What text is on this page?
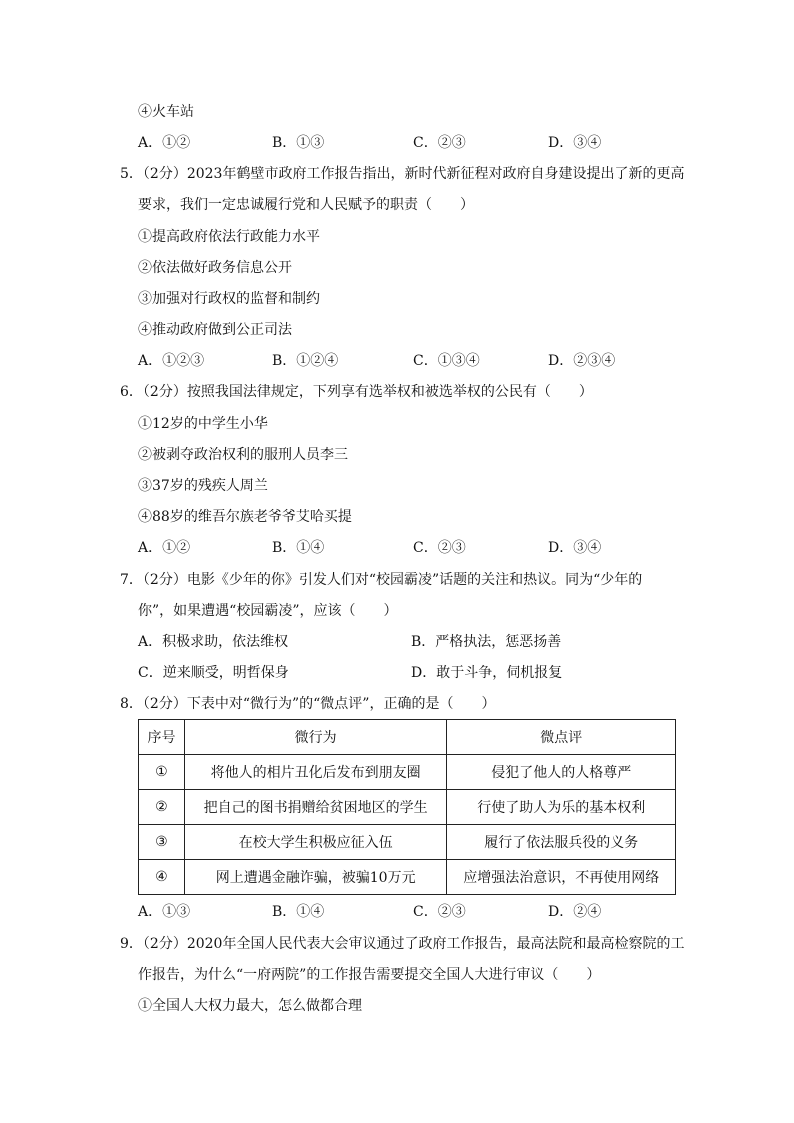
④火车站
A．①②	B．①③	C．②③	D．③④
5．（2分）2023年鹤壁市政府工作报告指出，新时代新征程对政府自身建设提出了新的更高
要求，我们一定忠诚履行党和人民赋予的职责（　　）
①提高政府依法行政能力水平
②依法做好政务信息公开
③加强对行政权的监督和制约
④推动政府做到公正司法
A．①②③	B．①②④	C．①③④	D．②③④
6．（2分）按照我国法律规定，下列享有选举权和被选举权的公民有（　　）
①12岁的中学生小华
②被剥夺政治权利的服刑人员李三
③37岁的残疾人周兰
④88岁的维吾尔族老爷爷艾哈买提
A．①②	B．①④	C．②③	D．③④
7．（2分）电影《少年的你》引发人们对“校园霸凌”话题的关注和热议。同为“少年的
你”，如果遭遇“校园霸凌”，应该（　　）
A．积极求助，依法维权	B．严格执法，惩恶扬善
C．逆来顺受，明哲保身	D．敢于斗争，伺机报复
8．（2分）下表中对“微行为”的“微点评”，正确的是（　　）
序号	微行为	微点评
①	将他人的相片丑化后发布到朋友圈	侵犯了他人的人格尊严
②	把自己的图书捐赠给贫困地区的学生	行使了助人为乐的基本权利
③	在校大学生积极应征入伍	履行了依法服兵役的义务
④	网上遭遇金融诈骗，被骗10万元	应增强法治意识，不再使用网络
A．①③	B．①④	C．②③	D．②④
9．（2分）2020年全国人民代表大会审议通过了政府工作报告，最高法院和最高检察院的工
作报告，为什么“一府两院”的工作报告需要提交全国人大进行审议（　　）
①全国人大权力最大，怎么做都合理
